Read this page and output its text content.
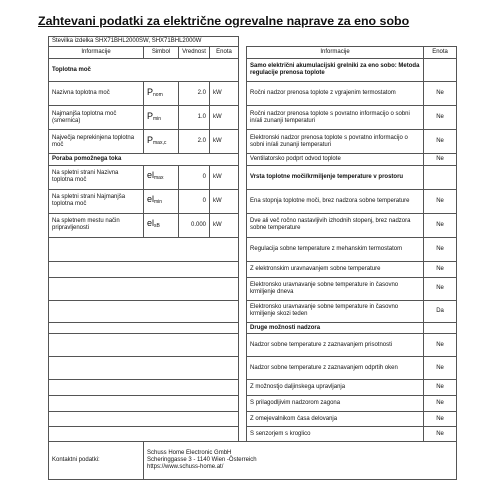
Zahtevani podatki za električne ogrevalne naprave za eno sobo
Številka izdelka SHX71BHL2000SW, SHX71BHL2000W						
Informacije	Simbol	Vrednost	Enota		Informacije	Enota
Toplotna moč					Samo električni akumulacijski grelniki za eno sobo: Metoda regulacije prenosa toplote	
Nazivna toplotna moč	$P_{nom}$	2.0	kW		Ročni nadzor prenosa toplote z vgrajenim termostatom	Ne
Najmanjša toplotna moč (smernica)	$P_{min}$	1.0	kW		Ročni nadzor prenosa toplote s povratno informacijo o sobni in/ali zunanji temperaturi	Ne
Največja neprekinjena toplotna moč	$P_{max,c}$	2.0	kW		Elektronski nadzor prenosa toplote s povratno informacijo o sobni in/ali zunanji temperaturi	Ne
Poraba pomožnega toka					Ventilatorsko podprt odvod toplote	Ne
Na spletni strani Nazivna toplotna moč	$el_{max}$	0	kW		Vrsta toplotne moči/krmiljenje temperature v prostoru	
Na spletni strani Najmanjša toplotna moč	$el_{min}$	0	kW		Ena stopnja toplotne moči, brez nadzora sobne temperature	Ne
Na spletnem mestu način pripravljenosti	$el_{sB}$	0.000	kW		Dve ali več ročno nastavljivih izhodnih stopenj, brez nadzora sobne temperature	Ne
					Regulacija sobne temperature z mehanskim termostatom	Ne
					Z elektronskim uravnavanjem sobne temperature	Ne
					Elektronsko uravnavanje sobne temperature in časovno krmiljenje dneva	Ne
					Elektronsko uravnavanje sobne temperature in časovno krmiljenje skozi teden	Da
					Druge možnosti nadzora	
					Nadzor sobne temperature z zaznavanjem prisotnosti	Ne
					Nadzor sobne temperature z zaznavanjem odprtih oken	Ne
					Z možnostjo daljinskega upravljanja	Ne
					S prilagodljivim nadzorom zagona	Ne
					Z omejevalnikom časa delovanja	Ne
					S senzorjem s kroglico	Ne
Kontaktni podatki:	Schuss Home Electronic GmbH
Scheringgasse 3 - 1140 Wien -Österreich
https://www.schuss-home.at/					
